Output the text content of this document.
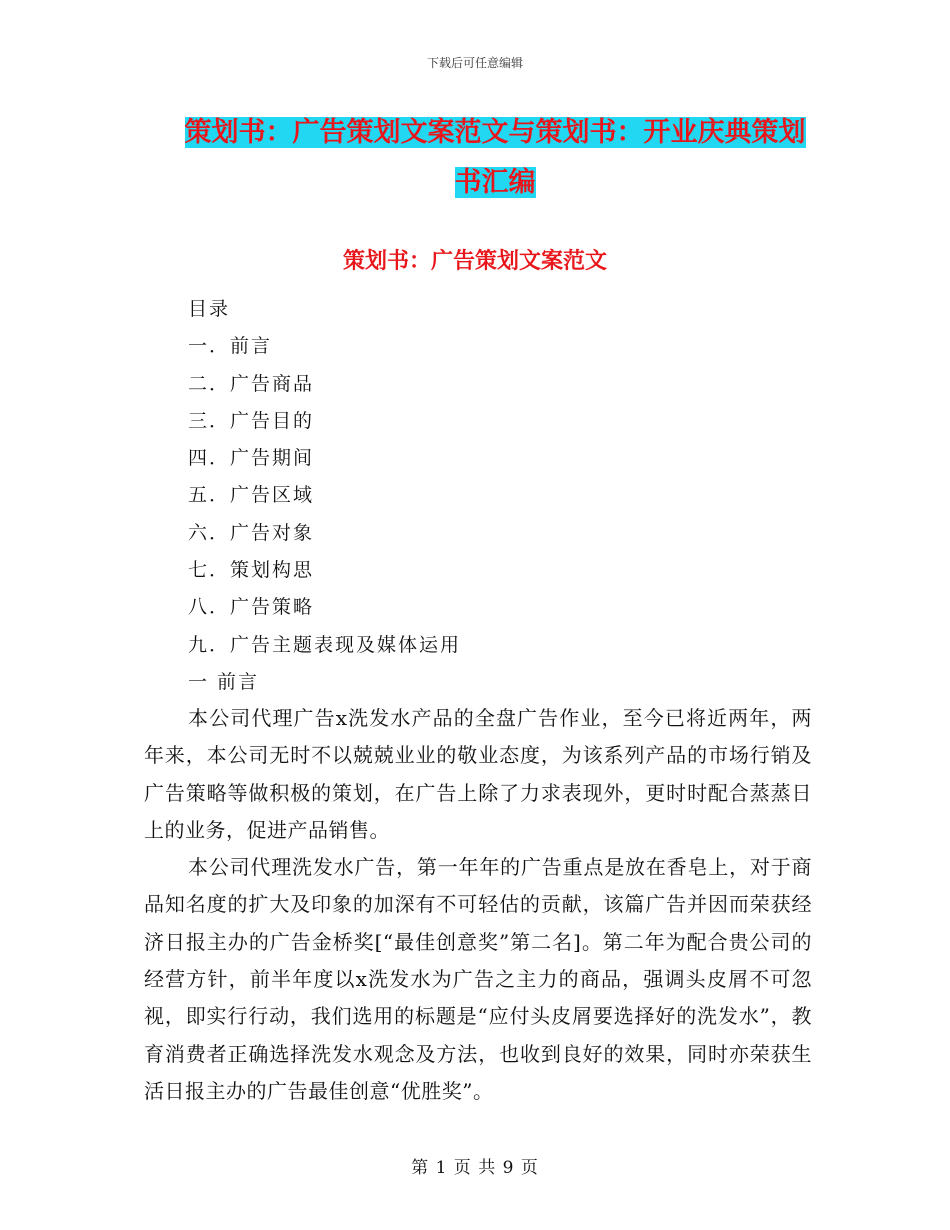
下载后可任意编辑
策划书：广告策划文案范文与策划书：开业庆典策划
书汇编
策划书：广告策划文案范文
目录
一．前言
二．广告商品
三．广告目的
四．广告期间
五．广告区域
六．广告对象
七．策划构思
八．广告策略
九．广告主题表现及媒体运用
一 前言

本公司代理广告x洗发水产品的全盘广告作业，至今已将近两年，两年来，本公司无时不以兢兢业业的敬业态度，为该系列产品的市场行销及广告策略等做积极的策划，在广告上除了力求表现外，更时时配合蒸蒸日上的业务，促进产品销售。

本公司代理洗发水广告，第一年年的广告重点是放在香皂上，对于商品知名度的扩大及印象的加深有不可轻估的贡献，该篇广告并因而荣获经济日报主办的广告金桥奖[“最佳创意奖”第二名]。第二年为配合贵公司的经营方针，前半年度以x洗发水为广告之主力的商品，强调头皮屑不可忽视，即实行行动，我们选用的标题是“应付头皮屑要选择好的洗发水”，教育消费者正确选择洗发水观念及方法，也收到良好的效果，同时亦荣获生活日报主办的广告最佳创意“优胜奖”。

第 1 页 共 9 页
